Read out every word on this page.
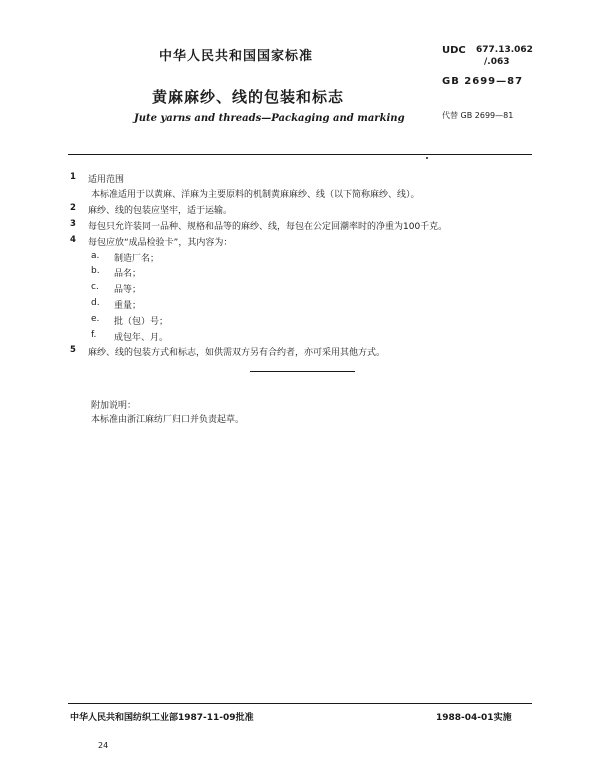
中华人民共和国国家标准	UDC 677.13.062
/.063
GB 2699—87
黄麻麻纱、线的包装和标志
Jute yarns and threads—Packaging and marking	代替 GB 2699—81
1 适用范围
本标准适用于以黄麻、洋麻为主要原料的机制黄麻麻纱、线（以下简称麻纱、线）。
2 麻纱、线的包装应坚牢，适于运输。
3 每包只允许装同一品种、规格和品等的麻纱、线，每包在公定回潮率时的净重为100千克。
4 每包应放“成品检验卡”，其内容为：
a. 制造厂名；
b. 品名；
c. 品等；
d. 重量；
e. 批（包）号；
f. 成包年、月。
5 麻纱、线的包装方式和标志，如供需双方另有合约者，亦可采用其他方式。
附加说明：
本标准由浙江麻纺厂归口并负责起草。
中华人民共和国纺织工业部1987-11-09批准	1988-04-01实施
24
